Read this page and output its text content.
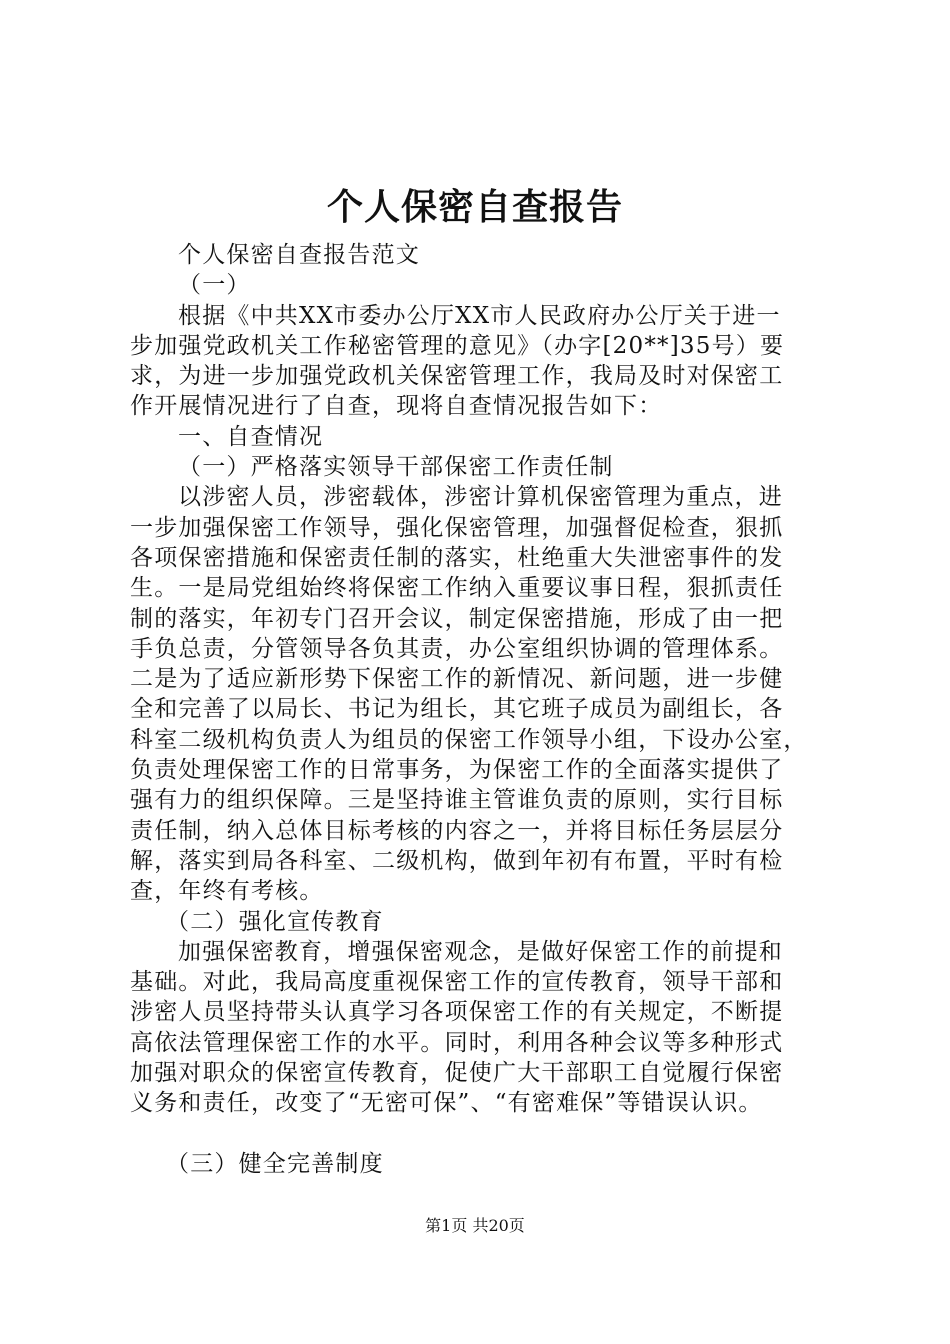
个人保密自查报告
个人保密自查报告范文
（一）
根据《中共XX市委办公厅XX市人民政府办公厅关于进一
步加强党政机关工作秘密管理的意见》（办字[20**]35号）要
求，为进一步加强党政机关保密管理工作，我局及时对保密工
作开展情况进行了自查，现将自查情况报告如下：
一、自查情况
（一）严格落实领导干部保密工作责任制
以涉密人员，涉密载体，涉密计算机保密管理为重点，进
一步加强保密工作领导，强化保密管理，加强督促检查，狠抓
各项保密措施和保密责任制的落实，杜绝重大失泄密事件的发
生。一是局党组始终将保密工作纳入重要议事日程，狠抓责任
制的落实，年初专门召开会议，制定保密措施，形成了由一把
手负总责，分管领导各负其责，办公室组织协调的管理体系。
二是为了适应新形势下保密工作的新情况、新问题，进一步健
全和完善了以局长、书记为组长，其它班子成员为副组长，各
科室二级机构负责人为组员的保密工作领导小组，下设办公室，
负责处理保密工作的日常事务，为保密工作的全面落实提供了
强有力的组织保障。三是坚持谁主管谁负责的原则，实行目标
责任制，纳入总体目标考核的内容之一，并将目标任务层层分
解，落实到局各科室、二级机构，做到年初有布置，平时有检
查，年终有考核。
（二）强化宣传教育
加强保密教育，增强保密观念，是做好保密工作的前提和
基础。对此，我局高度重视保密工作的宣传教育，领导干部和
涉密人员坚持带头认真学习各项保密工作的有关规定，不断提
高依法管理保密工作的水平。同时，利用各种会议等多种形式
加强对职众的保密宣传教育，促使广大干部职工自觉履行保密
义务和责任，改变了“无密可保”、“有密难保”等错误认识。
（三）健全完善制度
第1页 共20页
